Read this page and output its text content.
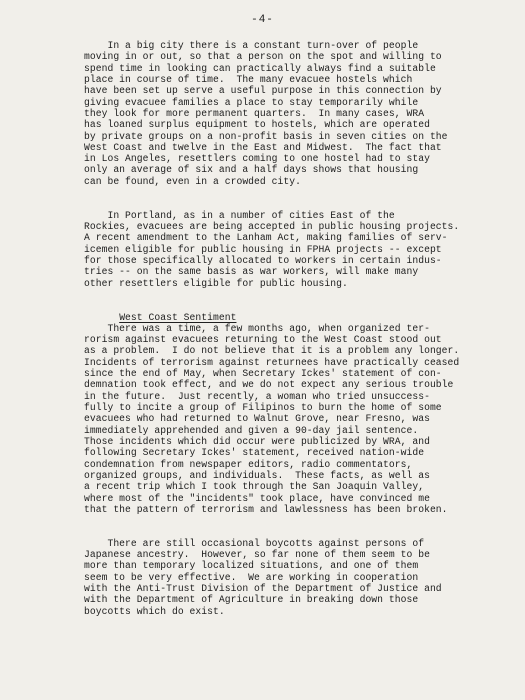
-4-
In a big city there is a constant turn-over of people
moving in or out, so that a person on the spot and willing to
spend time in looking can practically always find a suitable
place in course of time.  The many evacuee hostels which
have been set up serve a useful purpose in this connection by
giving evacuee families a place to stay temporarily while
they look for more permanent quarters.  In many cases, WRA
has loaned surplus equipment to hostels, which are operated
by private groups on a non-profit basis in seven cities on the
West Coast and twelve in the East and Midwest.  The fact that
in Los Angeles, resettlers coming to one hostel had to stay
only an average of six and a half days shows that housing
can be found, even in a crowded city.
In Portland, as in a number of cities East of the
Rockies, evacuees are being accepted in public housing projects.
A recent amendment to the Lanham Act, making families of serv-
icemen eligible for public housing in FPHA projects -- except
for those specifically allocated to workers in certain indus-
tries -- on the same basis as war workers, will make many
other resettlers eligible for public housing.

West Coast Sentiment

There was a time, a few months ago, when organized ter-
rorism against evacuees returning to the West Coast stood out
as a problem.  I do not believe that it is a problem any longer.
Incidents of terrorism against returnees have practically ceased
since the end of May, when Secretary Ickes' statement of con-
demnation took effect, and we do not expect any serious trouble
in the future.  Just recently, a woman who tried unsuccess-
fully to incite a group of Filipinos to burn the home of some
evacuees who had returned to Walnut Grove, near Fresno, was
immediately apprehended and given a 90-day jail sentence.
Those incidents which did occur were publicized by WRA, and
following Secretary Ickes' statement, received nation-wide
condemnation from newspaper editors, radio commentators,
organized groups, and individuals.  These facts, as well as
a recent trip which I took through the San Joaquin Valley,
where most of the "incidents" took place, have convinced me
that the pattern of terrorism and lawlessness has been broken.
There are still occasional boycotts against persons of
Japanese ancestry.  However, so far none of them seem to be
more than temporary localized situations, and one of them
seem to be very effective.  We are working in cooperation
with the Anti-Trust Division of the Department of Justice and
with the Department of Agriculture in breaking down those
boycotts which do exist.
